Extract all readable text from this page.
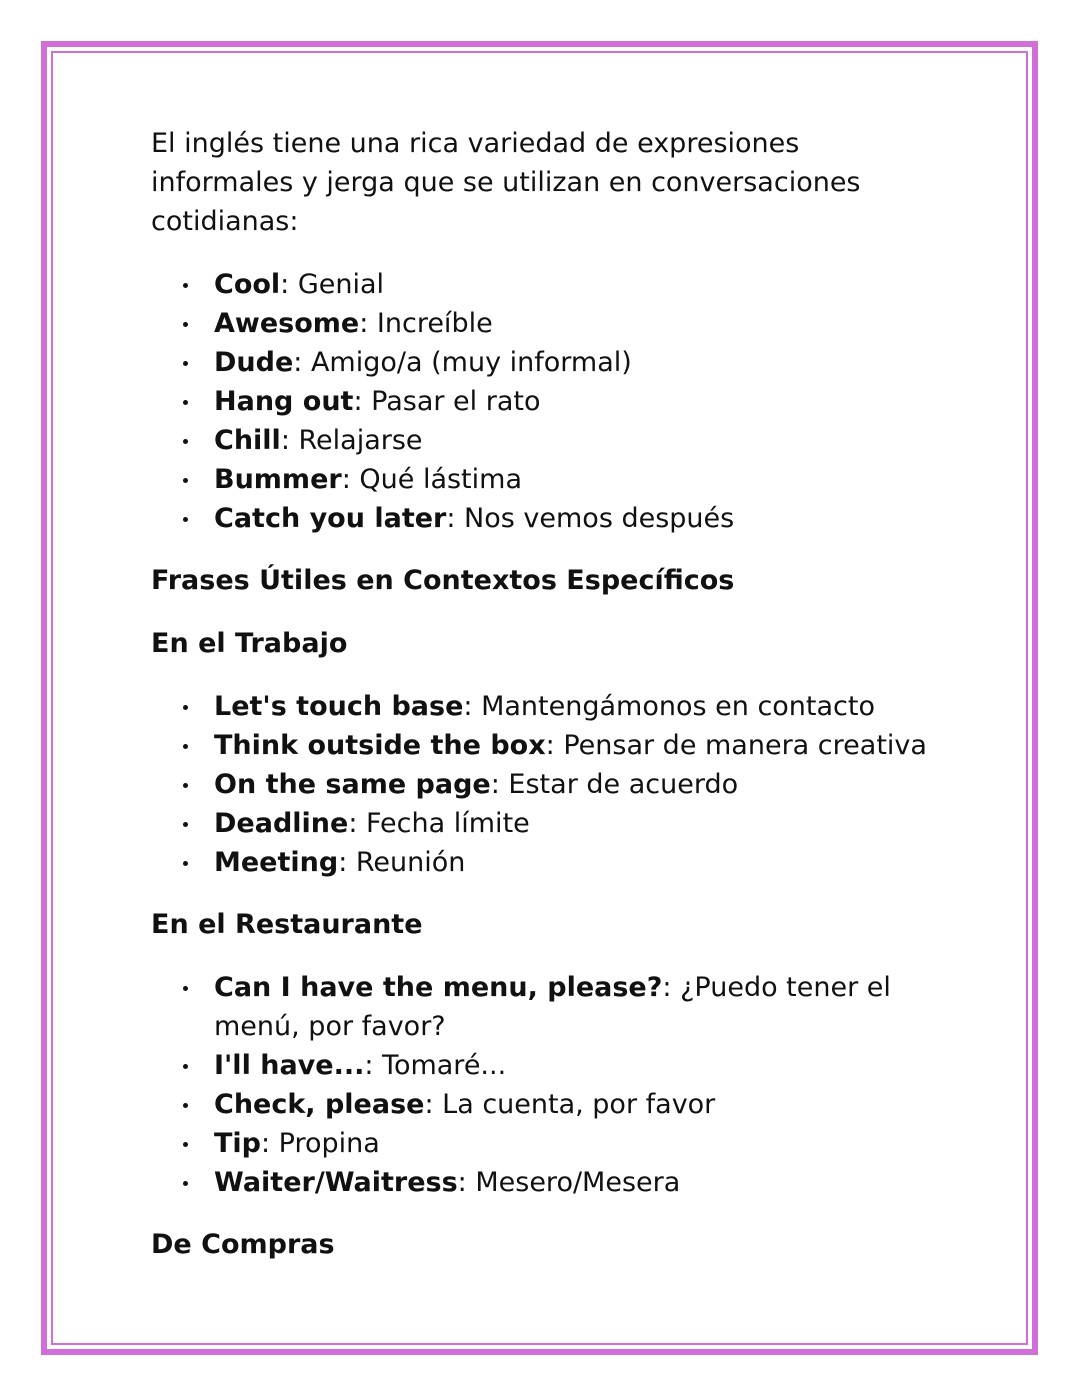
El inglés tiene una rica variedad de expresiones informales y jerga que se utilizan en conversaciones cotidianas:

Cool: Genial
Awesome: Increíble
Dude: Amigo/a (muy informal)
Hang out: Pasar el rato
Chill: Relajarse
Bummer: Qué lástima
Catch you later: Nos vemos después
Frases Útiles en Contextos Específicos
En el Trabajo
Let's touch base: Mantengámonos en contacto
Think outside the box: Pensar de manera creativa
On the same page: Estar de acuerdo
Deadline: Fecha límite
Meeting: Reunión
En el Restaurante
Can I have the menu, please?: ¿Puedo tener el menú, por favor?
I'll have...: Tomaré...
Check, please: La cuenta, por favor
Tip: Propina
Waiter/Waitress: Mesero/Mesera
De Compras
